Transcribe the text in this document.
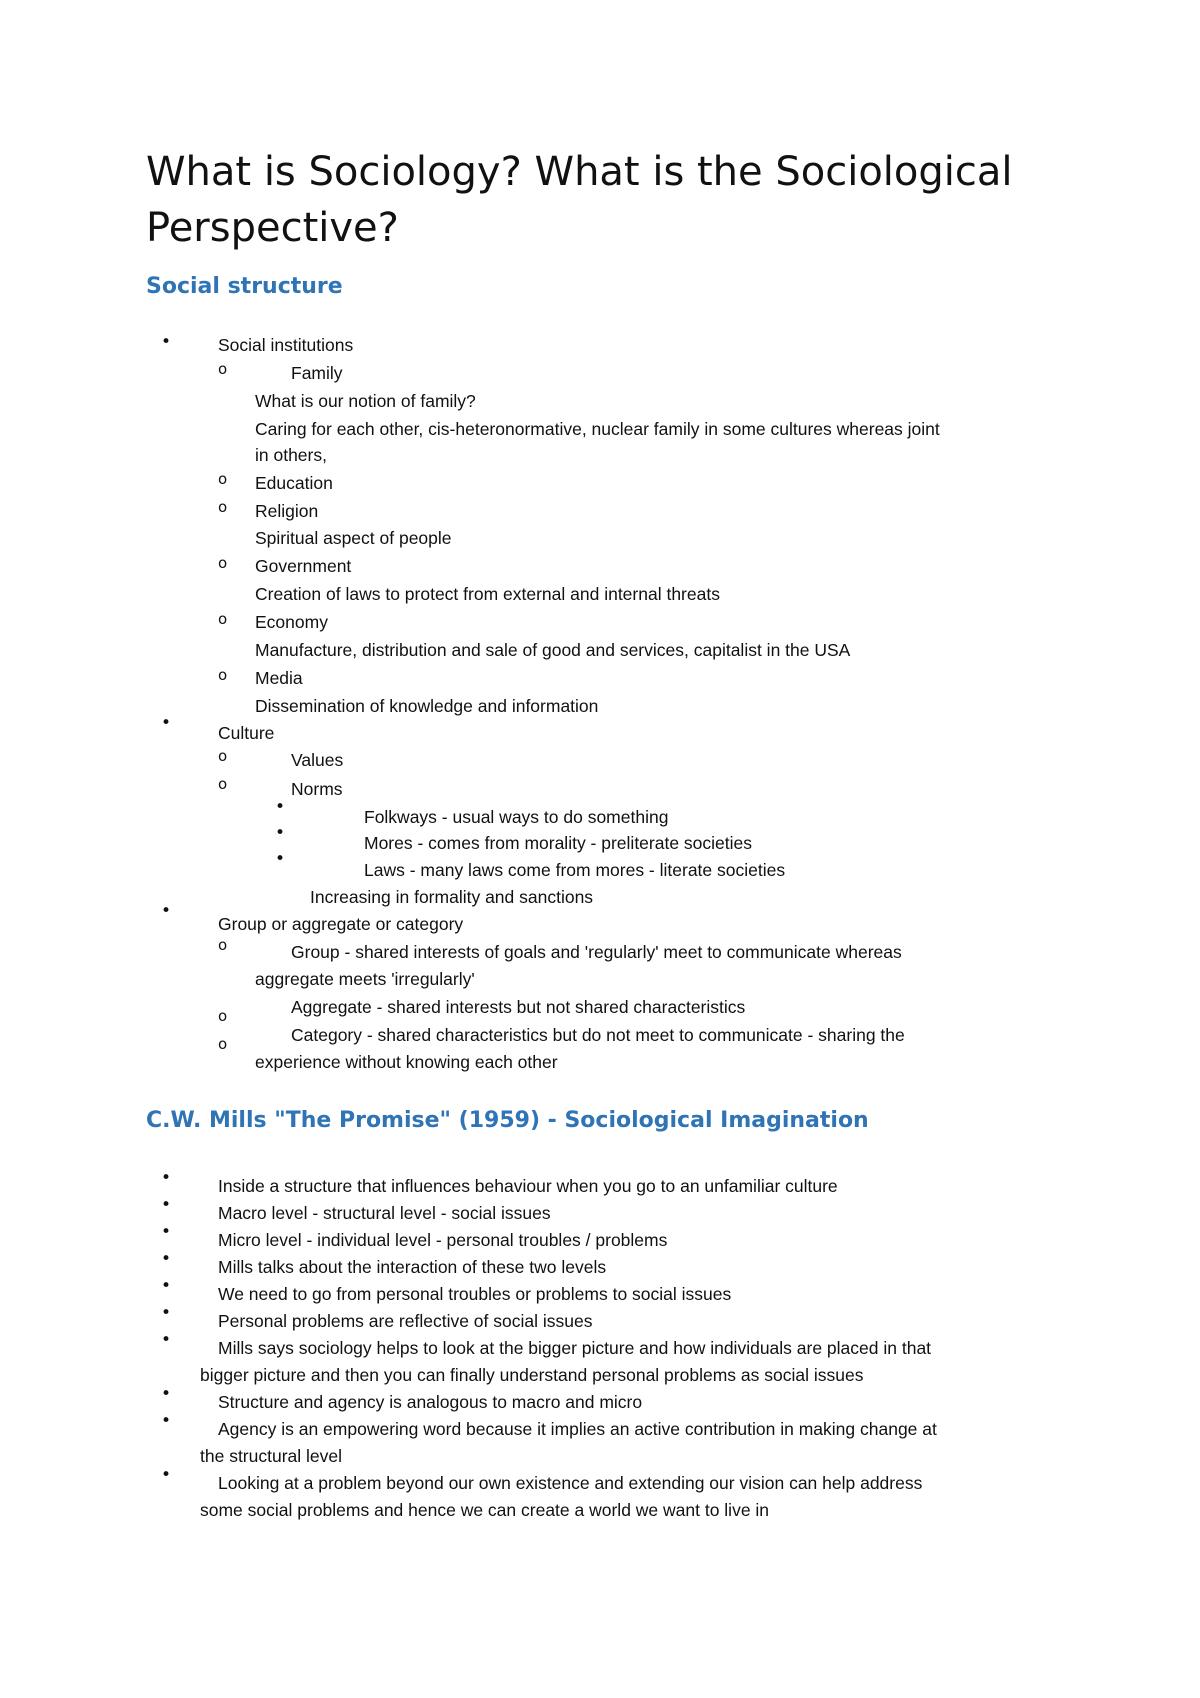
What is Sociology? What is the Sociological Perspective?
Social structure
•
o
o
o
o
o
o
•
o
o
•
•
•
•
o
o
o

Social institutions

Family

What is our notion of family?

Caring for each other, cis-heteronormative, nuclear family in some cultures whereas joint

in others,

Education

Religion

Spiritual aspect of people

Government

Creation of laws to protect from external and internal threats

Economy

Manufacture, distribution and sale of good and services, capitalist in the USA

Media

Dissemination of knowledge and information

Culture

Values

Norms

Folkways - usual ways to do something

Mores - comes from morality - preliterate societies

Laws - many laws come from mores - literate societies

Increasing in formality and sanctions

Group or aggregate or category

Group - shared interests of goals and 'regularly' meet to communicate whereas

aggregate meets 'irregularly'

Aggregate - shared interests but not shared characteristics

Category - shared characteristics but do not meet to communicate - sharing the

experience without knowing each other

C.W. Mills "The Promise" (1959) - Sociological Imagination
•
•
•
•
•
•
•
•
•
•

Inside a structure that influences behaviour when you go to an unfamiliar culture

Macro level - structural level - social issues

Micro level - individual level - personal troubles / problems

Mills talks about the interaction of these two levels

We need to go from personal troubles or problems to social issues

Personal problems are reflective of social issues

Mills says sociology helps to look at the bigger picture and how individuals are placed in that

bigger picture and then you can finally understand personal problems as social issues

Structure and agency is analogous to macro and micro

Agency is an empowering word because it implies an active contribution in making change at

the structural level

Looking at a problem beyond our own existence and extending our vision can help address

some social problems and hence we can create a world we want to live in
